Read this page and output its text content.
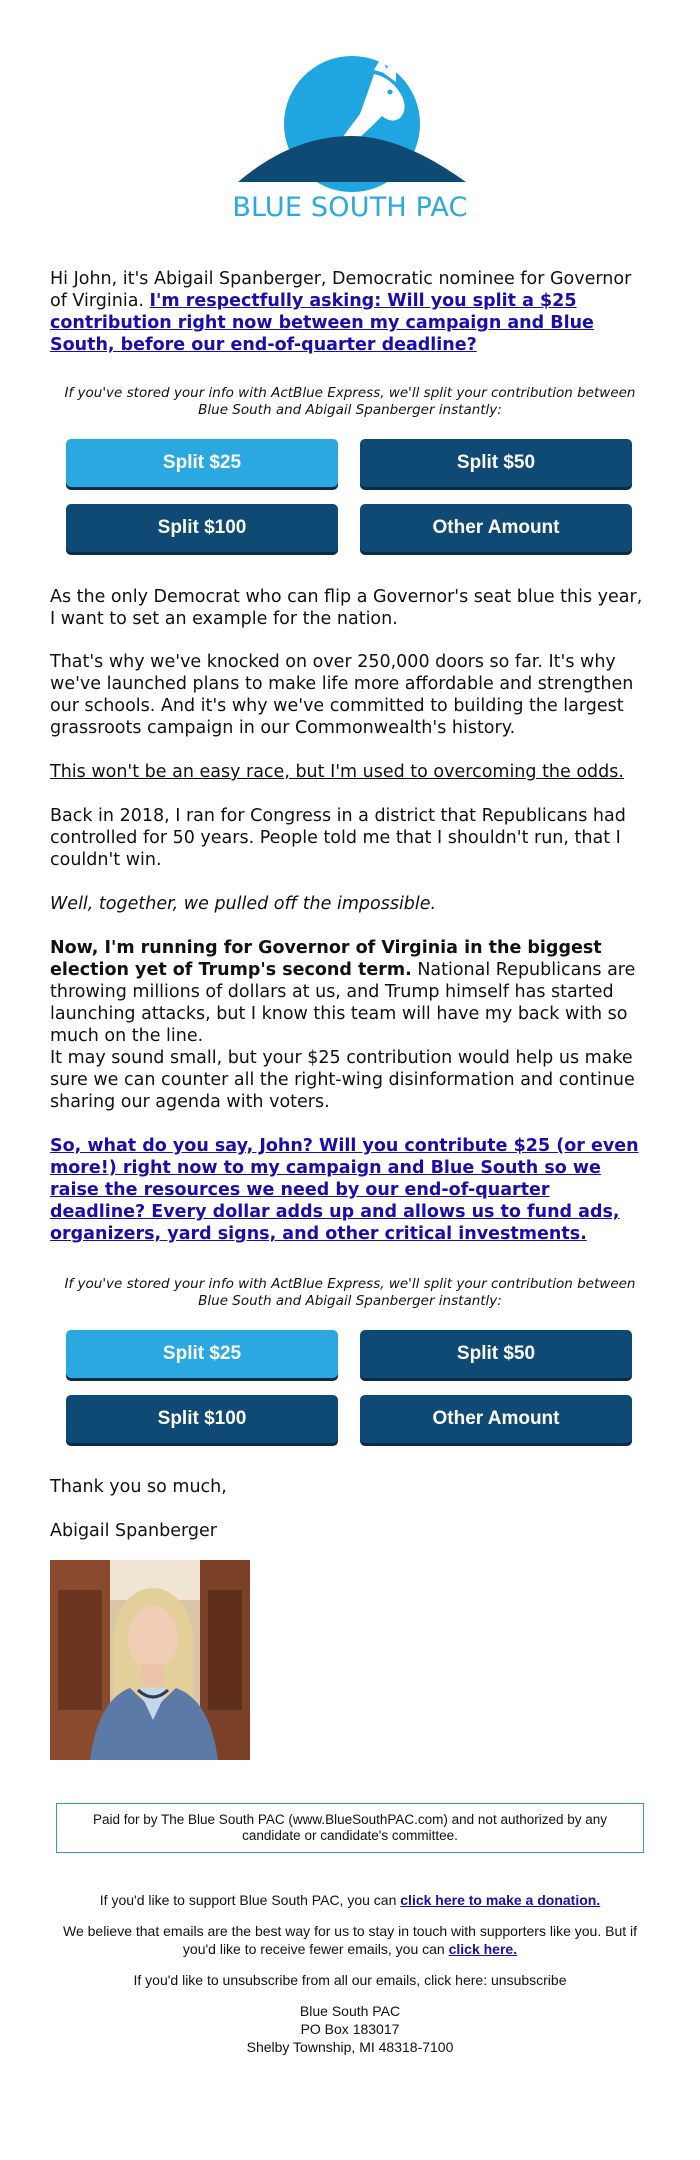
BLUE SOUTH PAC

Hi John, it's Abigail Spanberger, Democratic nominee for Governor of Virginia. I'm respectfully asking: Will you split a $25 contribution right now between my campaign and Blue South, before our end-of-quarter deadline?

If you've stored your info with ActBlue Express, we'll split your contribution between Blue South and Abigail Spanberger instantly:
Split $25	Split $50
Split $100	Other Amount

As the only Democrat who can flip a Governor's seat blue this year, I want to set an example for the nation.

That's why we've knocked on over 250,000 doors so far. It's why we've launched plans to make life more affordable and strengthen our schools. And it's why we've committed to building the largest grassroots campaign in our Commonwealth's history.

This won't be an easy race, but I'm used to overcoming the odds.

Back in 2018, I ran for Congress in a district that Republicans had controlled for 50 years. People told me that I shouldn't run, that I couldn't win.

Well, together, we pulled off the impossible.

Now, I'm running for Governor of Virginia in the biggest election yet of Trump's second term. National Republicans are throwing millions of dollars at us, and Trump himself has started launching attacks, but I know this team will have my back with so much on the line.

It may sound small, but your $25 contribution would help us make sure we can counter all the right-wing disinformation and continue sharing our agenda with voters.

So, what do you say, John? Will you contribute $25 (or even more!) right now to my campaign and Blue South so we raise the resources we need by our end-of-quarter deadline? Every dollar adds up and allows us to fund ads, organizers, yard signs, and other critical investments.

If you've stored your info with ActBlue Express, we'll split your contribution between Blue South and Abigail Spanberger instantly:
Split $25	Split $50
Split $100	Other Amount

Thank you so much,

Abigail Spanberger

Paid for by The Blue South PAC (www.BlueSouthPAC.com) and not authorized by any candidate or candidate's committee.
If you'd like to support Blue South PAC, you can click here to make a donation.
We believe that emails are the best way for us to stay in touch with supporters like you. But if you'd like to receive fewer emails, you can click here.
If you'd like to unsubscribe from all our emails, click here: unsubscribe
Blue South PAC
PO Box 183017
Shelby Township, MI 48318-7100
